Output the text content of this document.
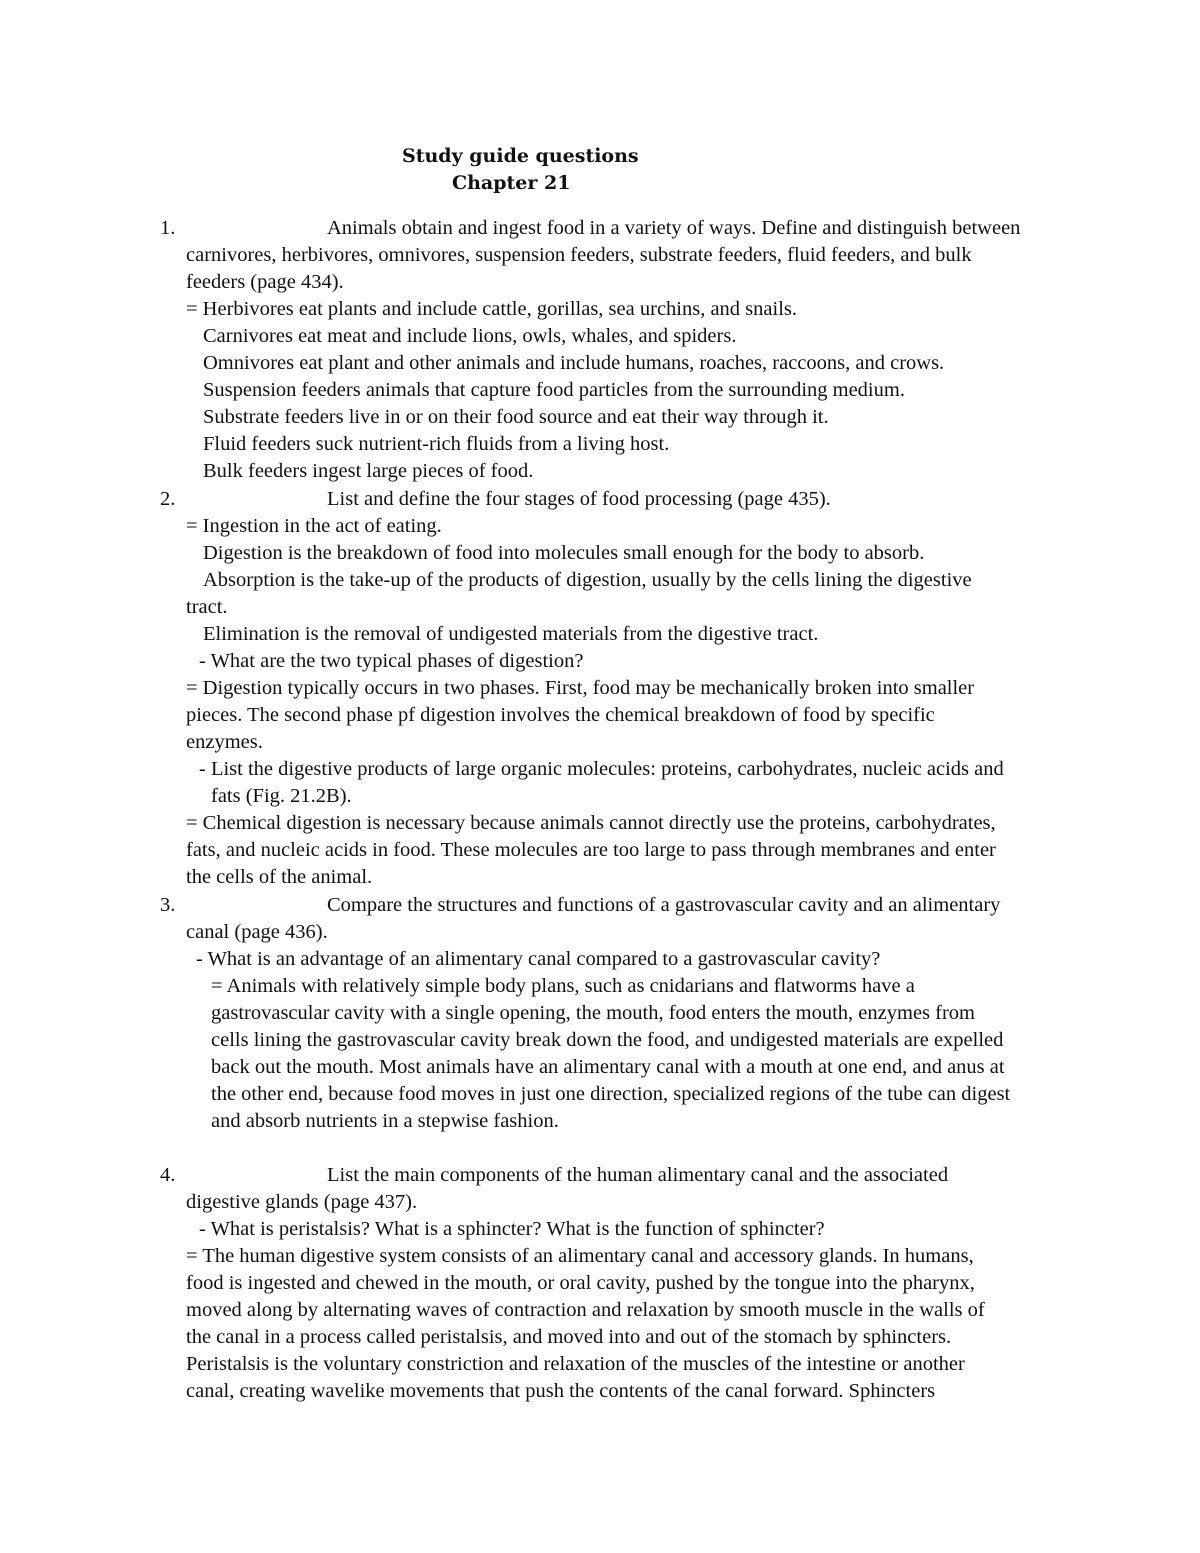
Study guide questions
Chapter 21
1.	Animals obtain and ingest food in a variety of ways. Define and distinguish between
carnivores, herbivores, omnivores, suspension feeders, substrate feeders, fluid feeders, and bulk
feeders (page 434).
= Herbivores eat plants and include cattle, gorillas, sea urchins, and snails.
Carnivores eat meat and include lions, owls, whales, and spiders.
Omnivores eat plant and other animals and include humans, roaches, raccoons, and crows.
Suspension feeders animals that capture food particles from the surrounding medium.
Substrate feeders live in or on their food source and eat their way through it.
Fluid feeders suck nutrient-rich fluids from a living host.
Bulk feeders ingest large pieces of food.
2.	List and define the four stages of food processing (page 435).
= Ingestion in the act of eating.
Digestion is the breakdown of food into molecules small enough for the body to absorb.
Absorption is the take-up of the products of digestion, usually by the cells lining the digestive
tract.
Elimination is the removal of undigested materials from the digestive tract.
- What are the two typical phases of digestion?
= Digestion typically occurs in two phases. First, food may be mechanically broken into smaller
pieces. The second phase pf digestion involves the chemical breakdown of food by specific
enzymes.
- List the digestive products of large organic molecules: proteins, carbohydrates, nucleic acids and
fats (Fig. 21.2B).
= Chemical digestion is necessary because animals cannot directly use the proteins, carbohydrates,
fats, and nucleic acids in food. These molecules are too large to pass through membranes and enter
the cells of the animal.
3.	Compare the structures and functions of a gastrovascular cavity and an alimentary
canal (page 436).
- What is an advantage of an alimentary canal compared to a gastrovascular cavity?
= Animals with relatively simple body plans, such as cnidarians and flatworms have a
gastrovascular cavity with a single opening, the mouth, food enters the mouth, enzymes from
cells lining the gastrovascular cavity break down the food, and undigested materials are expelled
back out the mouth. Most animals have an alimentary canal with a mouth at one end, and anus at
the other end, because food moves in just one direction, specialized regions of the tube can digest
and absorb nutrients in a stepwise fashion.
4.	List the main components of the human alimentary canal and the associated
digestive glands (page 437).
- What is peristalsis? What is a sphincter? What is the function of sphincter?
= The human digestive system consists of an alimentary canal and accessory glands. In humans,
food is ingested and chewed in the mouth, or oral cavity, pushed by the tongue into the pharynx,
moved along by alternating waves of contraction and relaxation by smooth muscle in the walls of
the canal in a process called peristalsis, and moved into and out of the stomach by sphincters.
Peristalsis is the voluntary constriction and relaxation of the muscles of the intestine or another
canal, creating wavelike movements that push the contents of the canal forward. Sphincters
